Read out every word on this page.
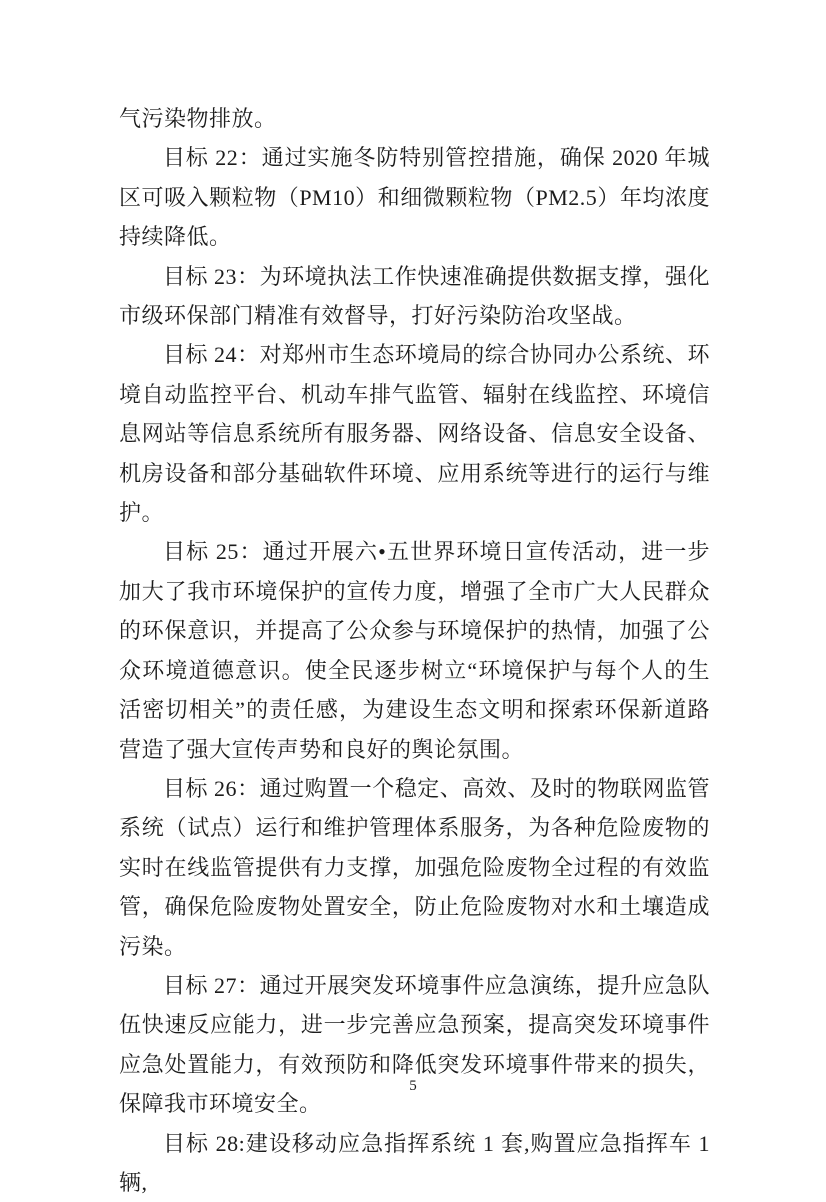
气污染物排放。

目标 22：通过实施冬防特别管控措施，确保 2020 年城区可吸入颗粒物（PM10）和细微颗粒物（PM2.5）年均浓度持续降低。

目标 23：为环境执法工作快速准确提供数据支撑，强化市级环保部门精准有效督导，打好污染防治攻坚战。

目标 24：对郑州市生态环境局的综合协同办公系统、环境自动监控平台、机动车排气监管、辐射在线监控、环境信息网站等信息系统所有服务器、网络设备、信息安全设备、机房设备和部分基础软件环境、应用系统等进行的运行与维护。

目标 25：通过开展六•五世界环境日宣传活动，进一步加大了我市环境保护的宣传力度，增强了全市广大人民群众的环保意识，并提高了公众参与环境保护的热情，加强了公众环境道德意识。使全民逐步树立“环境保护与每个人的生活密切相关”的责任感，为建设生态文明和探索环保新道路营造了强大宣传声势和良好的舆论氛围。

目标 26：通过购置一个稳定、高效、及时的物联网监管系统（试点）运行和维护管理体系服务，为各种危险废物的实时在线监管提供有力支撑，加强危险废物全过程的有效监管，确保危险废物处置安全，防止危险废物对水和土壤造成污染。

目标 27：通过开展突发环境事件应急演练，提升应急队伍快速反应能力，进一步完善应急预案，提高突发环境事件应急处置能力，有效预防和降低突发环境事件带来的损失，保障我市环境安全。

目标 28:建设移动应急指挥系统 1 套,购置应急指挥车 1 辆,

5
